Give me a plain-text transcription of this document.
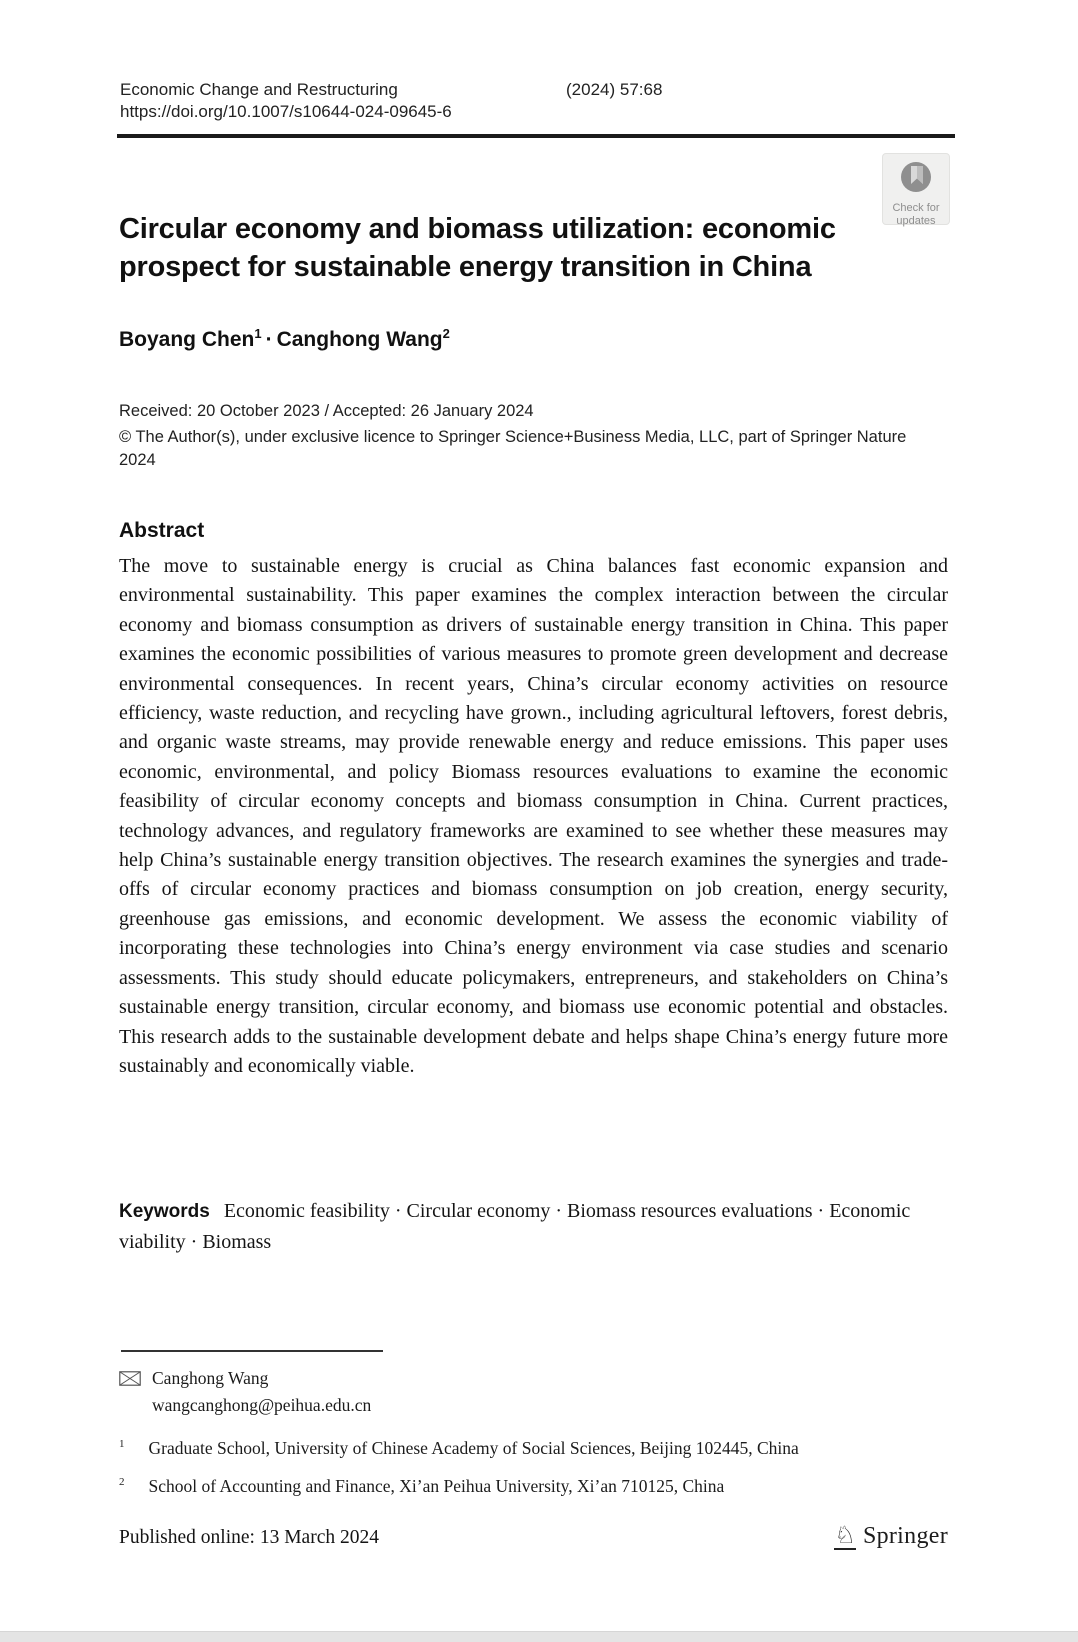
Economic Change and Restructuring	(2024) 57:68
https://doi.org/10.1007/s10644-024-09645-6
Check for
updates
Circular economy and biomass utilization: economic prospect for sustainable energy transition in China
Boyang Chen$^1$ · Canghong Wang$^2$
Received: 20 October 2023 / Accepted: 26 January 2024
© The Author(s), under exclusive licence to Springer Science+Business Media, LLC, part of Springer Nature 2024
Abstract

The move to sustainable energy is crucial as China balances fast economic expansion and environmental sustainability. This paper examines the complex interaction between the circular economy and biomass consumption as drivers of sustainable energy transition in China. This paper examines the economic possibilities of various measures to promote green development and decrease environmental consequences. In recent years, China’s circular economy activities on resource efficiency, waste reduction, and recycling have grown., including agricultural leftovers, forest debris, and organic waste streams, may provide renewable energy and reduce emissions. This paper uses economic, environmental, and policy Biomass resources evaluations to examine the economic feasibility of circular economy concepts and biomass consumption in China. Current practices, technology advances, and regulatory frameworks are examined to see whether these measures may help China’s sustainable energy transition objectives. The research examines the synergies and trade-offs of circular economy practices and biomass consumption on job creation, energy security, greenhouse gas emissions, and economic development. We assess the economic viability of incorporating these technologies into China’s energy environment via case studies and scenario assessments. This study should educate policymakers, entrepreneurs, and stakeholders on China’s sustainable energy transition, circular economy, and biomass use economic potential and obstacles. This research adds to the sustainable development debate and helps shape China’s energy future more sustainably and economically viable.

Keywords Economic feasibility · Circular economy · Biomass resources evaluations · Economic viability · Biomass
Canghong Wang
wangcanghong@peihua.edu.cn
$^1$ Graduate School, University of Chinese Academy of Social Sciences, Beijing 102445, China
$^2$ School of Accounting and Finance, Xi’an Peihua University, Xi’an 710125, China
Published online: 13 March 2024	♘ Springer
